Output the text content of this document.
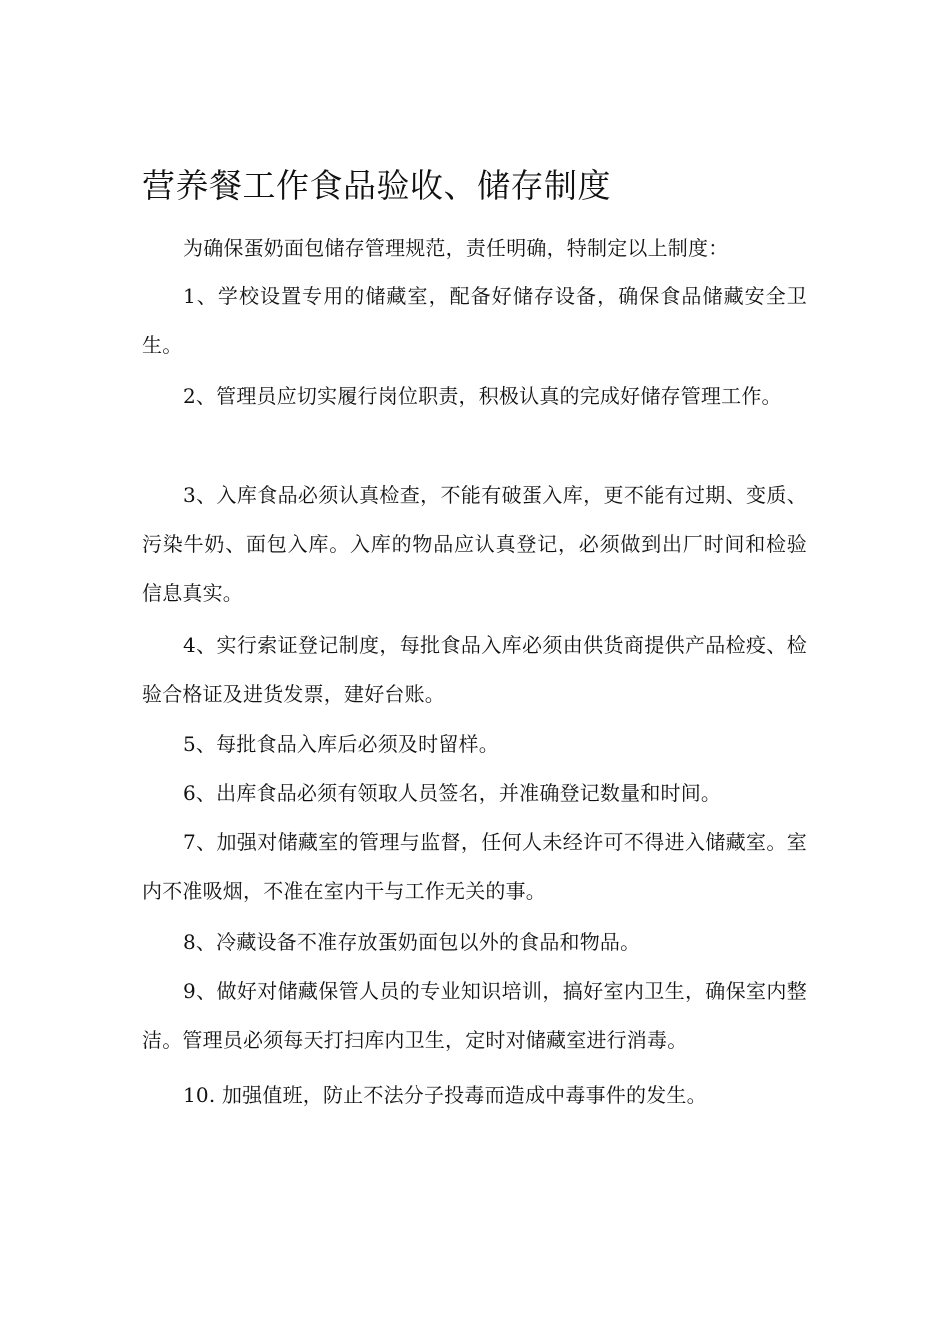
营养餐工作食品验收、储存制度
为确保蛋奶面包储存管理规范，责任明确，特制定以上制度：
1、学校设置专用的储藏室，配备好储存设备，确保食品储藏安全卫生。
2、管理员应切实履行岗位职责，积极认真的完成好储存管理工作。
3、入库食品必须认真检查，不能有破蛋入库，更不能有过期、变质、污染牛奶、面包入库。入库的物品应认真登记，必须做到出厂时间和检验信息真实。
4、实行索证登记制度，每批食品入库必须由供货商提供产品检疫、检验合格证及进货发票，建好台账。
5、每批食品入库后必须及时留样。
6、出库食品必须有领取人员签名，并准确登记数量和时间。
7、加强对储藏室的管理与监督，任何人未经许可不得进入储藏室。室内不准吸烟，不准在室内干与工作无关的事。
8、冷藏设备不准存放蛋奶面包以外的食品和物品。
9、做好对储藏保管人员的专业知识培训，搞好室内卫生，确保室内整洁。管理员必须每天打扫库内卫生，定时对储藏室进行消毒。
10. 加强值班，防止不法分子投毒而造成中毒事件的发生。
